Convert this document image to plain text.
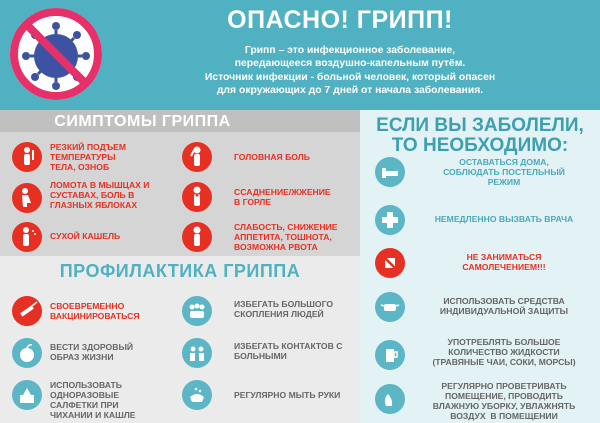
ОПАСНО! ГРИПП!
Грипп – это инфекционное заболевание,
передающееся воздушно-капельным путём.
Источник инфекции - больной человек, который опасен
для окружающих до 7 дней от начала заболевания.
СИМПТОМЫ ГРИППА
ПРОФИЛАКТИКА ГРИППА
ЕСЛИ ВЫ ЗАБОЛЕЛИ,
ТО НЕОБХОДИМО:
РЕЗКИЙ ПОДЪЕМ
ТЕМПЕРАТУРЫ
ТЕЛА, ОЗНОБ
ГОЛОВНАЯ БОЛЬ
ЛОМОТА В МЫШЦАХ И
СУСТАВАХ, БОЛЬ В
ГЛАЗНЫХ ЯБЛОКАХ
ССАДНЕНИЕ/ЖЖЕНИЕ
В ГОРЛЕ
СУХОЙ КАШЕЛЬ
СЛАБОСТЬ, СНИЖЕНИЕ
АППЕТИТА, ТОШНОТА,
ВОЗМОЖНА РВОТА
СВОЕВРЕМЕННО
ВАКЦИНИРОВАТЬСЯ
ИЗБЕГАТЬ БОЛЬШОГО
СКОПЛЕНИЯ ЛЮДЕЙ
ВЕСТИ ЗДОРОВЫЙ
ОБРАЗ ЖИЗНИ
ИЗБЕГАТЬ КОНТАКТОВ С
БОЛЬНЫМИ
ИСПОЛЬЗОВАТЬ
ОДНОРАЗОВЫЕ
САЛФЕТКИ ПРИ
ЧИХАНИИ И КАШЛЕ
РЕГУЛЯРНО МЫТЬ РУКИ
ОСТАВАТЬСЯ ДОМА,
СОБЛЮДАТЬ ПОСТЕЛЬНЫЙ
РЕЖИМ
НЕМЕДЛЕННО ВЫЗВАТЬ ВРАЧА
НЕ ЗАНИМАТЬСЯ
САМОЛЕЧЕНИЕМ!!!
ИСПОЛЬЗОВАТЬ СРЕДСТВА
ИНДИВИДУАЛЬНОЙ ЗАЩИТЫ
УПОТРЕБЛЯТЬ БОЛЬШОЕ
КОЛИЧЕСТВО ЖИДКОСТИ
(ТРАВЯНЫЕ ЧАИ, СОКИ, МОРСЫ)
РЕГУЛЯРНО ПРОВЕТРИВАТЬ
ПОМЕЩЕНИЕ, ПРОВОДИТЬ
ВЛАЖНУЮ УБОРКУ, УВЛАЖНЯТЬ
ВОЗДУХ  В ПОМЕЩЕНИИ
